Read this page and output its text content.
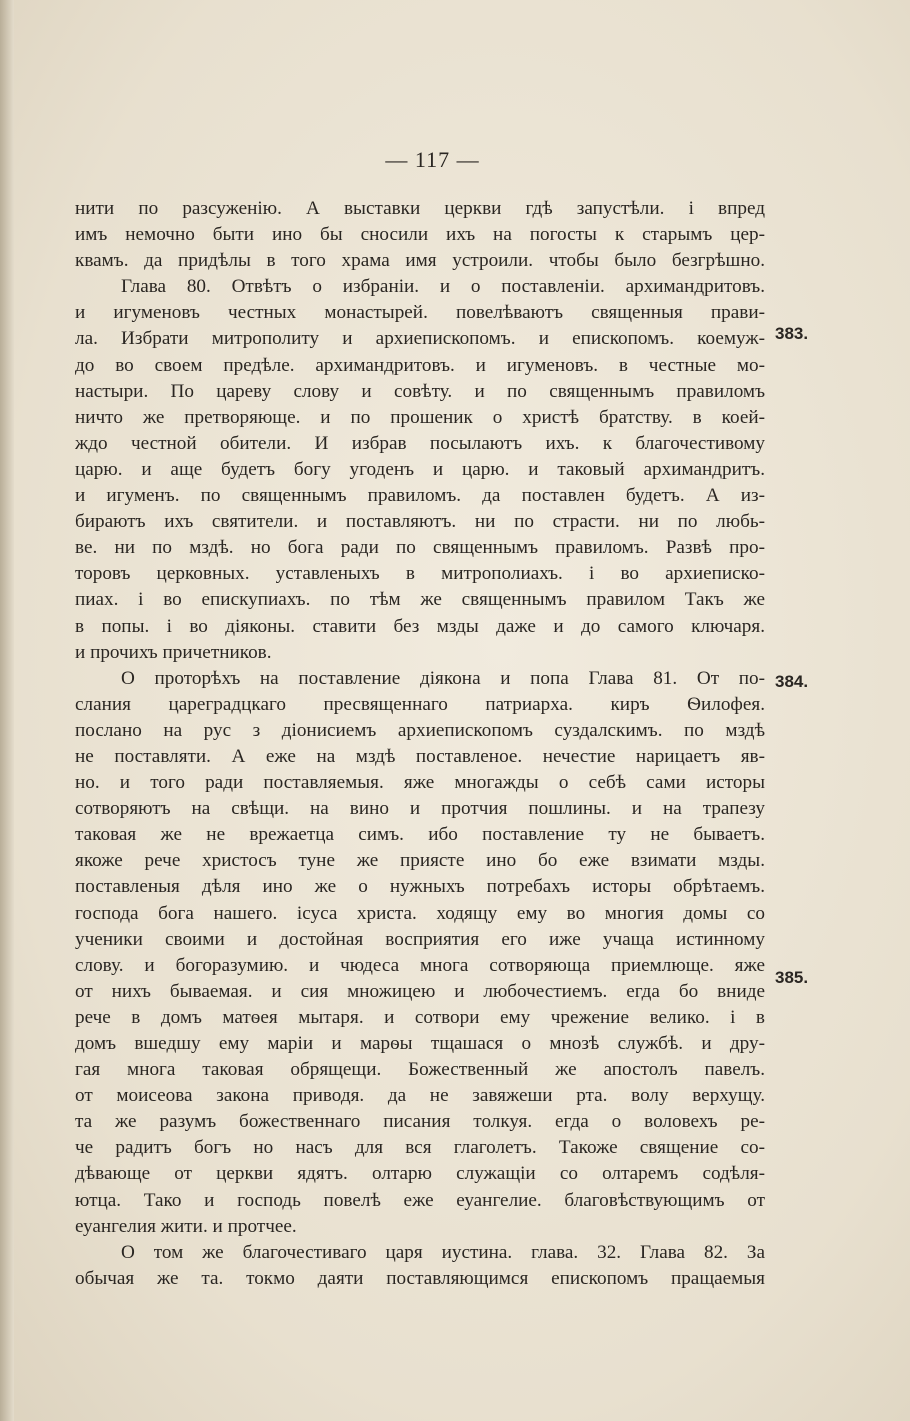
— 117 —
нити по разсуженію. А выставки церкви гдѣ запустѣли. і впред
имъ немочно быти ино бы сносили ихъ на погосты к старымъ цер-
квамъ. да придѣлы в того храма имя устроили. чтобы было безгрѣшно.
Глава 80. Отвѣтъ о избраніи. и о поставленіи. архимандритовъ.
и игуменовъ честных монастырей. повелѣваютъ священныя прави-
ла. Избрати митрополиту и архиепископомъ. и епископомъ. коемуж-
до во своем предѣле. архимандритовъ. и игуменовъ. в честные мо-
настыри. По цареву слову и совѣту. и по священнымъ правиломъ
ничто же претворяюще. и по прошеник о христѣ братству. в коей-
ждо честной обители. И избрав посылаютъ ихъ. к благочестивому
царю. и аще будетъ богу угоденъ и царю. и таковый архимандритъ.
и игуменъ. по священнымъ правиломъ. да поставлен будетъ. А из-
бираютъ ихъ святители. и поставляютъ. ни по страсти. ни по любь-
ве. ни по мздѣ. но бога ради по священнымъ правиломъ. Развѣ про-
торовъ церковных. уставленыхъ в митрополиахъ. і во архиеписко-
пиах. і во епискупиахъ. по тѣм же священнымъ правилом Такъ же
в попы. і во діяконы. ставити без мзды даже и до самого ключаря.
и прочихъ причетников.
О проторѣхъ на поставление діякона и попа Глава 81. От по-
слания цареградцкаго пресвященнаго патриарха. киръ Ѳилофея.
послано на рус з діонисиемъ архиепископомъ суздалскимъ. по мздѣ
не поставляти. А еже на мздѣ поставленое. нечестие нарицаетъ яв-
но. и того ради поставляемыя. яже многажды о себѣ сами исторы
сотворяютъ на свѣщи. на вино и протчия пошлины. и на трапезу
таковая же не врежаетца симъ. ибо поставление ту не бываетъ.
якоже рече христосъ туне же приясте ино бо еже взимати мзды.
поставленыя дѣля ино же о нужныхъ потребахъ исторы обрѣтаемъ.
господа бога нашего. ісуса христа. ходящу ему во многия домы со
ученики своими и достойная восприятия его иже учаща истинному
слову. и богоразумию. и чюдеса многа сотворяюща приемлюще. яже
от нихъ бываемая. и сия множицею и любочестиемъ. егда бо вниде
рече в домъ матѳея мытаря. и сотвори ему чрежение велико. і в
домъ вшедшу ему маріи и марѳы тщашася о мнозѣ службѣ. и дру-
гая многа таковая обрящещи. Божественный же апостолъ павелъ.
от моисеова закона приводя. да не завяжеши рта. волу верхущу.
та же разумъ божественнаго писания толкуя. егда о воловехъ ре-
че радитъ богъ но насъ для вся глаголетъ. Такоже священие со-
дѣвающе от церкви ядятъ. олтарю служащіи со олтаремъ содѣля-
ютца. Тако и господь повелѣ еже еуангелие. благовѣствующимъ от
еуангелия жити. и протчее.
О том же благочестиваго царя иустина. глава. 32. Глава 82. За
обычая же та. токмо даяти поставляющимся епископомъ пращаемыя
383.
384.
385.
